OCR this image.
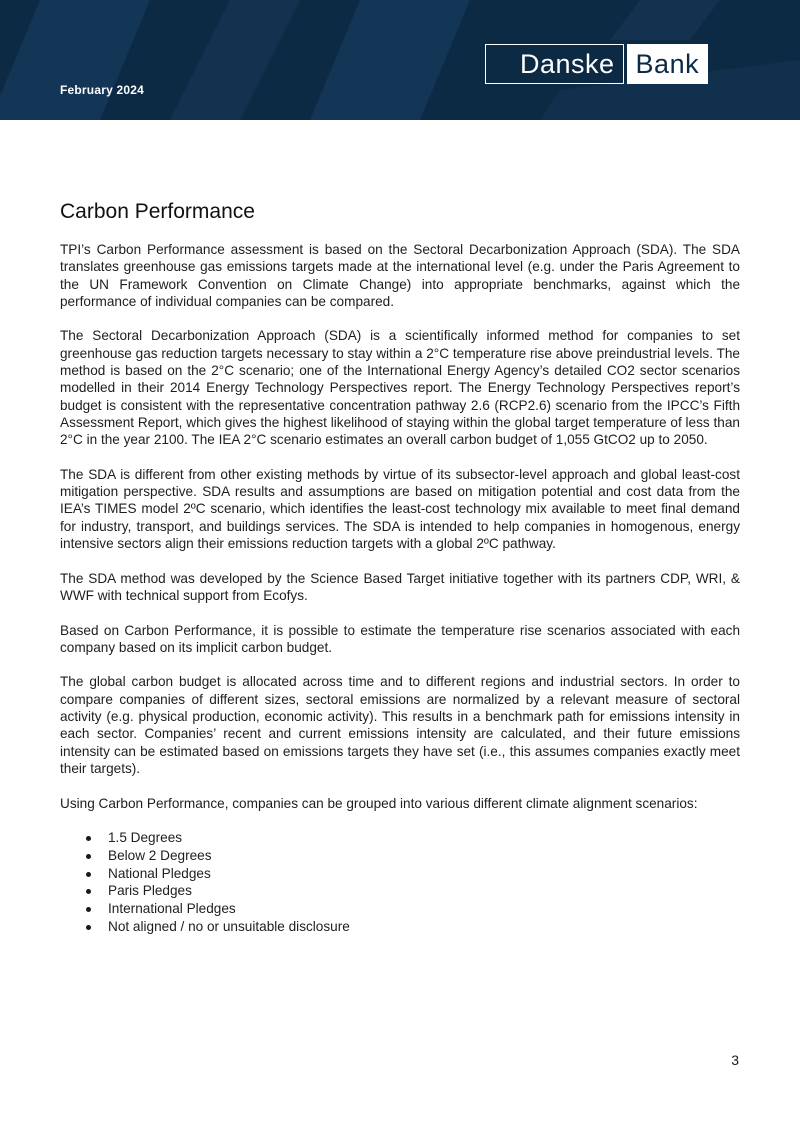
February 2024
Danske Bank
Carbon Performance

TPI’s Carbon Performance assessment is based on the Sectoral Decarbonization Approach (SDA). The SDA translates greenhouse gas emissions targets made at the international level (e.g. under the Paris Agreement to the UN Framework Convention on Climate Change) into appropriate benchmarks, against which the performance of individual companies can be compared.

The Sectoral Decarbonization Approach (SDA) is a scientifically informed method for companies to set greenhouse gas reduction targets necessary to stay within a 2°C temperature rise above preindustrial levels. The method is based on the 2°C scenario; one of the International Energy Agency’s detailed CO2 sector scenarios modelled in their 2014 Energy Technology Perspectives report. The Energy Technology Perspectives report’s budget is consistent with the representative concentration pathway 2.6 (RCP2.6) scenario from the IPCC’s Fifth Assessment Report, which gives the highest likelihood of staying within the global target temperature of less than 2°C in the year 2100. The IEA 2°C scenario estimates an overall carbon budget of 1,055 GtCO2 up to 2050.

The SDA is different from other existing methods by virtue of its subsector-level approach and global least-cost mitigation perspective. SDA results and assumptions are based on mitigation potential and cost data from the IEA’s TIMES model 2ºC scenario, which identifies the least-cost technology mix available to meet final demand for industry, transport, and buildings services. The SDA is intended to help companies in homogenous, energy intensive sectors align their emissions reduction targets with a global 2ºC pathway.

The SDA method was developed by the Science Based Target initiative together with its partners CDP, WRI, & WWF with technical support from Ecofys.

Based on Carbon Performance, it is possible to estimate the temperature rise scenarios associated with each company based on its implicit carbon budget.

The global carbon budget is allocated across time and to different regions and industrial sectors. In order to compare companies of different sizes, sectoral emissions are normalized by a relevant measure of sectoral activity (e.g. physical production, economic activity). This results in a benchmark path for emissions intensity in each sector. Companies’ recent and current emissions intensity are calculated, and their future emissions intensity can be estimated based on emissions targets they have set (i.e., this assumes companies exactly meet their targets).

Using Carbon Performance, companies can be grouped into various different climate alignment scenarios:

1.5 Degrees
Below 2 Degrees
National Pledges
Paris Pledges
International Pledges
Not aligned / no or unsuitable disclosure
3
